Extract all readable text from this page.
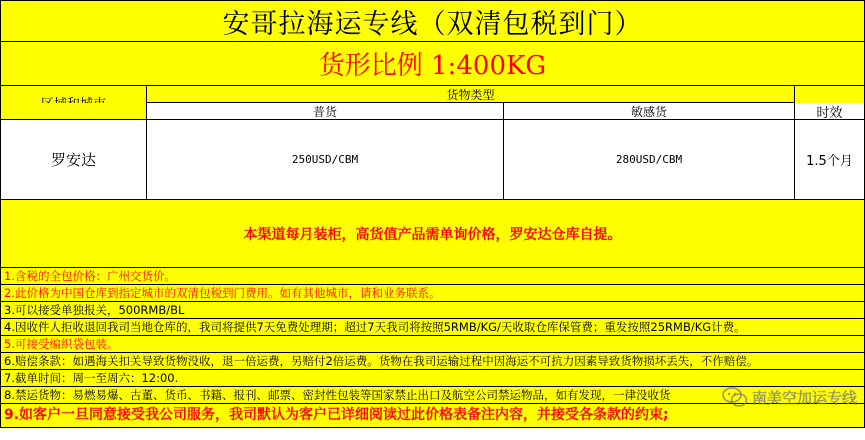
安哥拉海运专线（双清包税到门）
货形比例 1:400KG
货物类型
普货	敏感货	时效
罗安达	250USD/CBM	280USD/CBM	1.5个月
本渠道每月装柜，高货值产品需单询价格，罗安达仓库自提。
1.含税的全包价格：广州交货价。
2.此价格为中国仓库到指定城市的双清包税到门费用。如有其他城市，请和业务联系。
3.可以接受单独报关，500RMB/BL
4.因收件人拒收退回我司当地仓库的，我司将提供7天免费处理期；超过7天我司将按照5RMB/KG/天收取仓库保管费；重发按照25RMB/KG计费。
5.可接受编织袋包装。
6.赔偿条款：如遇海关扣关导致货物没收，退一倍运费，另赔付2倍运费。货物在我司运输过程中因海运不可抗力因素导致货物损坏丢失，不作赔偿。
7.截单时间：周一至周六：12:00.
8.禁运货物：易燃易爆、古董、货币、书籍、报刊、邮票、密封性包装等国家禁止出口及航空公司禁运物品，如有发现，一律没收货
9.如客户一旦同意接受我公司服务，我司默认为客户已详细阅读过此价格表备注内容，并接受各条款的约束;
南美空加运专线
